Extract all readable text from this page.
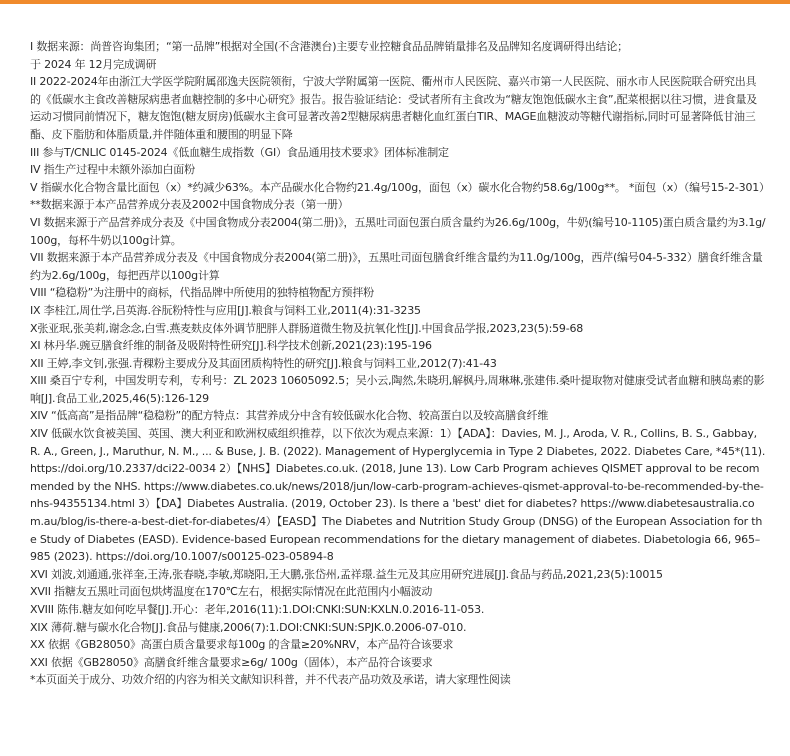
I 数据来源：尚普咨询集团；“第一品牌”根据对全国(不含港澳台)主要专业控糖食品品牌销量排名及品牌知名度调研得出结论；

于 2024 年 12月完成调研

II 2022-2024年由浙江大学医学院附属邵逸夫医院领衔，宁波大学附属第一医院、衢州市人民医院、嘉兴市第一人民医院、丽水市人民医院联合研究出具的《低碳水主食改善糖尿病患者血糖控制的多中心研究》报告。报告验证结论：受试者所有主食改为“糖友饱饱低碳水主食”,配菜根据以往习惯，进食量及运动习惯同前情况下，糖友饱饱(糖友厨房)低碳水主食可显著改善2型糖尿病患者糖化血红蛋白TIR、MAGE血糖波动等糖代谢指标,同时可显著降低甘油三酯、皮下脂肪和体脂质量,并伴随体重和腰围的明显下降

III 参与T/CNLIC 0145-2024《低血糖生成指数（GI）食品通用技术要求》团体标准制定

IV 指生产过程中未额外添加白面粉

V 指碳水化合物含量比面包（x）*约减少63%。本产品碳水化合物约21.4g/100g，面包（x）碳水化合物约58.6g/100g**。 *面包（x）（编号15-2-301）**数据来源于本产品营养成分表及2002中国食物成分表（第一册）

VI 数据来源于产品营养成分表及《中国食物成分表2004(第二册)》，五黑吐司面包蛋白质含量约为26.6g/100g，牛奶(编号10-1105)蛋白质含量约为3.1g/100g，每杯牛奶以100g计算。

VII 数据来源于本产品营养成分表及《中国食物成分表2004(第二册)》，五黑吐司面包膳食纤维含量约为11.0g/100g，西芹(编号04-5-332）膳食纤维含量约为2.6g/100g，每把西芹以100g计算

VIII “稳稳粉”为注册中的商标，代指品牌中所使用的独特植物配方预拌粉

IX 李桂江,周仕学,吕英海.谷朊粉特性与应用[J].粮食与饲料工业,2011(4):31-3235

X张亚珉,张美莉,谢念念,白雪.燕麦麸皮体外调节肥胖人群肠道微生物及抗氧化性[J].中国食品学报,2023,23(5):59-68

XI 林丹华.豌豆膳食纤维的制备及吸附特性研究[J].科学技术创新,2021(23):195-196

XII 王婷,李文钊,张强.青稞粉主要成分及其面团质构特性的研究[J].粮食与饲料工业,2012(7):41-43

XIII 桑百宁专利，中国发明专利，专利号：ZL 2023 10605092.5；吴小云,陶然,朱晓玥,解枫丹,周琳琳,张建伟.桑叶提取物对健康受试者血糖和胰岛素的影响[J].食品工业,2025,46(5):126-129

XIV “低高高”是指品牌“稳稳粉”的配方特点：其营养成分中含有较低碳水化合物、较高蛋白以及较高膳食纤维

XIV 低碳水饮食被美国、英国、澳大利亚和欧洲权威组织推荐，以下依次为观点来源：1）【ADA】：Davies, M. J., Aroda, V. R., Collins, B. S., Gabbay, R. A., Green, J., Maruthur, N. M., ... & Buse, J. B. (2022). Management of Hyperglycemia in Type 2 Diabetes, 2022. Diabetes Care, *45*(11). https://doi.org/10.2337/dci22-0034 2）【NHS】Diabetes.co.uk. (2018, June 13). Low Carb Program achieves QISMET approval to be recommended by the NHS. https://www.diabetes.co.uk/news/2018/jun/low-carb-program-achieves-qismet-approval-to-be-recommended-by-the-nhs-94355134.html 3）【DA】Diabetes Australia. (2019, October 23). Is there a 'best' diet for diabetes? https://www.diabetesaustralia.com.au/blog/is-there-a-best-diet-for-diabetes/4）【EASD】The Diabetes and Nutrition Study Group (DNSG) of the European Association for the Study of Diabetes (EASD). Evidence-based European recommendations for the dietary management of diabetes. Diabetologia 66, 965–985 (2023). https://doi.org/10.1007/s00125-023-05894-8

XVI 刘波,刘通通,张祥奎,王涛,张春晓,李敏,郑晓阳,王大鹏,张岱州,孟祥璟.益生元及其应用研究进展[J].食品与药品,2021,23(5):10015

XVII 指糖友五黑吐司面包烘烤温度在170℃左右，根据实际情况在此范围内小幅波动

XVIII 陈伟.糖友如何吃早餐[J].开心：老年,2016(11):1.DOI:CNKI:SUN:KXLN.0.2016-11-053.

XIX 薄荷.糖与碳水化合物[J].食品与健康,2006(7):1.DOI:CNKI:SUN:SPJK.0.2006-07-010.

XX 依据《GB28050》高蛋白质含量要求每100g 的含量≥20%NRV，本产品符合该要求

XXI 依据《GB28050》高膳食纤维含量要求≥6g/ 100g（固体），本产品符合该要求

*本页面关于成分、功效介绍的内容为相关文献知识科普，并不代表产品功效及承诺，请大家理性阅读
